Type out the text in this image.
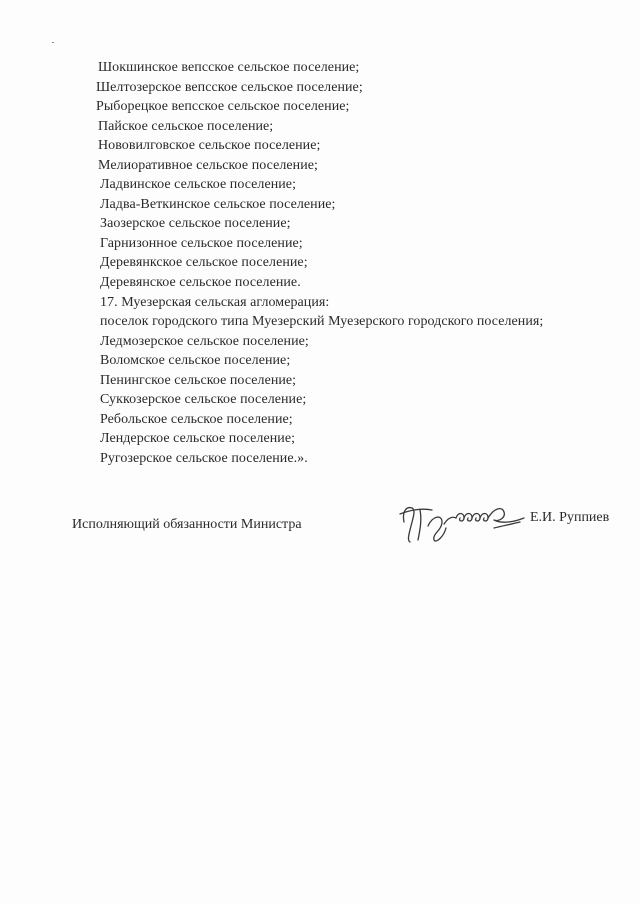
Шокшинское вепсское сельское поселение;
Шелтозерское вепсское сельское поселение;
Рыборецкое вепсское сельское поселение;
Пайское сельское поселение;
Нововилговское сельское поселение;
Мелиоративное сельское поселение;
Ладвинское сельское поселение;
Ладва-Веткинское сельское поселение;
Заозерское сельское поселение;
Гарнизонное сельское поселение;
Деревянкское сельское поселение;
Деревянское сельское поселение.
17. Муезерская сельская агломерация:
поселок городского типа Муезерский Муезерского городского поселения;
Ледмозерское сельское поселение;
Воломское сельское поселение;
Пенингское сельское поселение;
Суккозерское сельское поселение;
Ребольское сельское поселение;
Лендерское сельское поселение;
Ругозерское сельское поселение.».
Исполняющий обязанности Министра	Е.И. Руппиев
